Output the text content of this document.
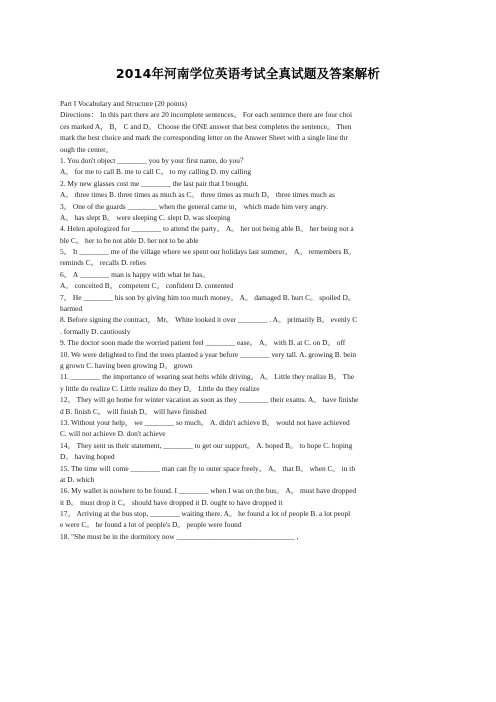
2014年河南学位英语考试全真试题及答案解析
Part I Vocabulary and Structure (20 points)
Directions： In this part there are 20 incomplete sentences。 For each sentence there are four choi
ces marked A， B， C and D。 Choose the ONE answer that best completes the sentence。 Then
mark the best choice and mark the corresponding letter on the Answer Sheet with a single line thr
ough the center。
1. You don't object ________ you by your first name, do you？
A。 for me to call B. me to call C。 to my calling D. my calling
2. My new glasses cost me ________ the last pair that I bought.
A。 three times B. three times as much as C。 three times as much D。 three times much as
3。 One of the guards ________ when the general came in， which made him very angry.
A。 has slept B。 were sleeping C. slept D. was sleeping
4. Helen apologized for ________ to attend the party。 A。 her not being able B。 her being not a
ble C。 her to be not able D. her not to be able
5。 It ________ me of the village where we spent our holidays last summer。 A。 remembers B。
reminds C。 recalls D. relies
6。 A ________ man is happy with what he has。
A。 conceited B。 competent C。 confident D. contented
7。 He ________ his son by giving him too much money。 A。 damaged B. hurt C。 spoiled D。
harmed
8. Before signing the contract， Mr。 White looked it over ________ . A。 primarily B。 evenly C
. formally D. cautiously
9. The doctor soon made the worried patient feel ________ ease。 A。 with B. at C. on D。 off
10. We were delighted to find the trees planted a year before ________ very tall. A. growing B. bein
g grown C. having been growing D。 grown
11. ________ the importance of wearing seat belts while driving。 A。 Little they realize B。 The
y little do realize C. Little realize do they D。 Little do they realize
12。 They will go home for winter vacation as soon as they ________ their exams. A。 have finishe
d B. finish C。 will finish D。 will have finished
13. Without your help， we ________ so much。 A. didn't achieve B。 would not have achieved
C. will not achieve D. don't achieve
14。 They sent us their statement, ________ to get our support。 A. hoped B。 to hope C. hoping
D。 having hoped
15. The time will come ________ man can fly to outer space freely。 A。 that B。 when C。 in th
at D. which
16. My wallet is nowhere to be found. I ________ when I was on the bus。 A。 must have dropped
it B。 must drop it C。 should have dropped it D. ought to have dropped it
17。 Arriving at the bus stop, ________ waiting there. A。 he found a lot of people B. a lot peopl
e were C。 he found a lot of people's D。 people were found
18. "She must be in the dormitory now ________________________________ ,
